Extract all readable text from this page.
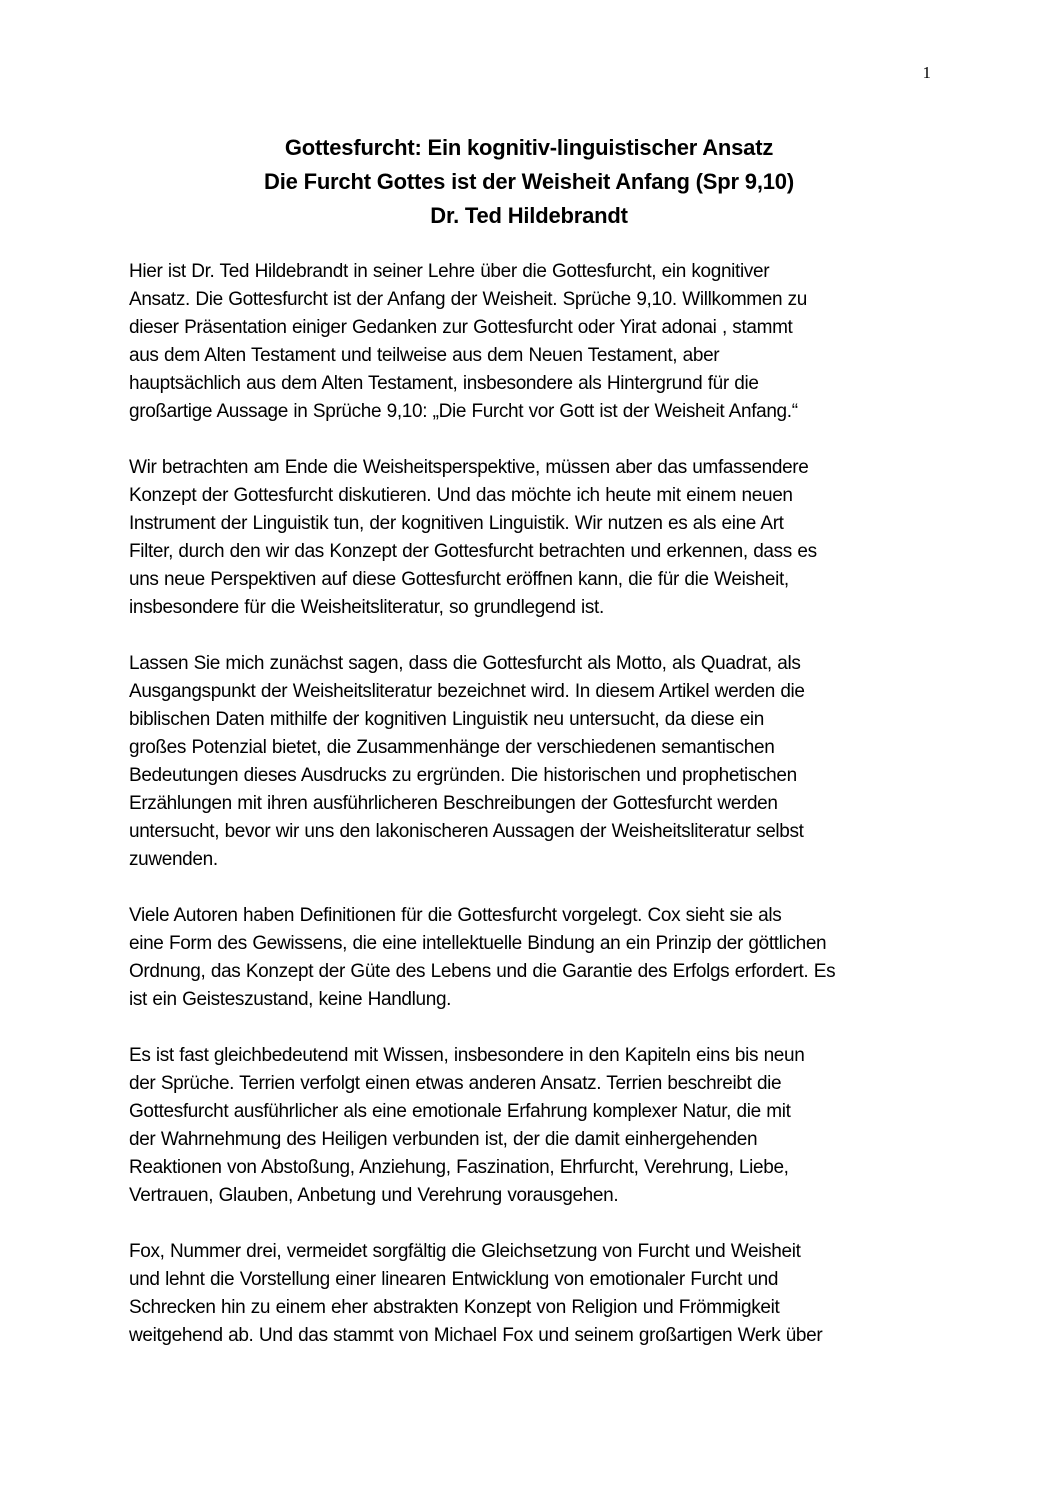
1
Gottesfurcht: Ein kognitiv-linguistischer Ansatz
Die Furcht Gottes ist der Weisheit Anfang (Spr 9,10)
Dr. Ted Hildebrandt

Hier ist Dr. Ted Hildebrandt in seiner Lehre über die Gottesfurcht, ein kognitiver
Ansatz. Die Gottesfurcht ist der Anfang der Weisheit. Sprüche 9,10. Willkommen zu
dieser Präsentation einiger Gedanken zur Gottesfurcht oder Yirat adonai , stammt
aus dem Alten Testament und teilweise aus dem Neuen Testament, aber
hauptsächlich aus dem Alten Testament, insbesondere als Hintergrund für die
großartige Aussage in Sprüche 9,10: „Die Furcht vor Gott ist der Weisheit Anfang.“

Wir betrachten am Ende die Weisheitsperspektive, müssen aber das umfassendere
Konzept der Gottesfurcht diskutieren. Und das möchte ich heute mit einem neuen
Instrument der Linguistik tun, der kognitiven Linguistik. Wir nutzen es als eine Art
Filter, durch den wir das Konzept der Gottesfurcht betrachten und erkennen, dass es
uns neue Perspektiven auf diese Gottesfurcht eröffnen kann, die für die Weisheit,
insbesondere für die Weisheitsliteratur, so grundlegend ist.

Lassen Sie mich zunächst sagen, dass die Gottesfurcht als Motto, als Quadrat, als
Ausgangspunkt der Weisheitsliteratur bezeichnet wird. In diesem Artikel werden die
biblischen Daten mithilfe der kognitiven Linguistik neu untersucht, da diese ein
großes Potenzial bietet, die Zusammenhänge der verschiedenen semantischen
Bedeutungen dieses Ausdrucks zu ergründen. Die historischen und prophetischen
Erzählungen mit ihren ausführlicheren Beschreibungen der Gottesfurcht werden
untersucht, bevor wir uns den lakonischeren Aussagen der Weisheitsliteratur selbst
zuwenden.

Viele Autoren haben Definitionen für die Gottesfurcht vorgelegt. Cox sieht sie als
eine Form des Gewissens, die eine intellektuelle Bindung an ein Prinzip der göttlichen
Ordnung, das Konzept der Güte des Lebens und die Garantie des Erfolgs erfordert. Es
ist ein Geisteszustand, keine Handlung.

Es ist fast gleichbedeutend mit Wissen, insbesondere in den Kapiteln eins bis neun
der Sprüche. Terrien verfolgt einen etwas anderen Ansatz. Terrien beschreibt die
Gottesfurcht ausführlicher als eine emotionale Erfahrung komplexer Natur, die mit
der Wahrnehmung des Heiligen verbunden ist, der die damit einhergehenden
Reaktionen von Abstoßung, Anziehung, Faszination, Ehrfurcht, Verehrung, Liebe,
Vertrauen, Glauben, Anbetung und Verehrung vorausgehen.

Fox, Nummer drei, vermeidet sorgfältig die Gleichsetzung von Furcht und Weisheit
und lehnt die Vorstellung einer linearen Entwicklung von emotionaler Furcht und
Schrecken hin zu einem eher abstrakten Konzept von Religion und Frömmigkeit
weitgehend ab. Und das stammt von Michael Fox und seinem großartigen Werk über
